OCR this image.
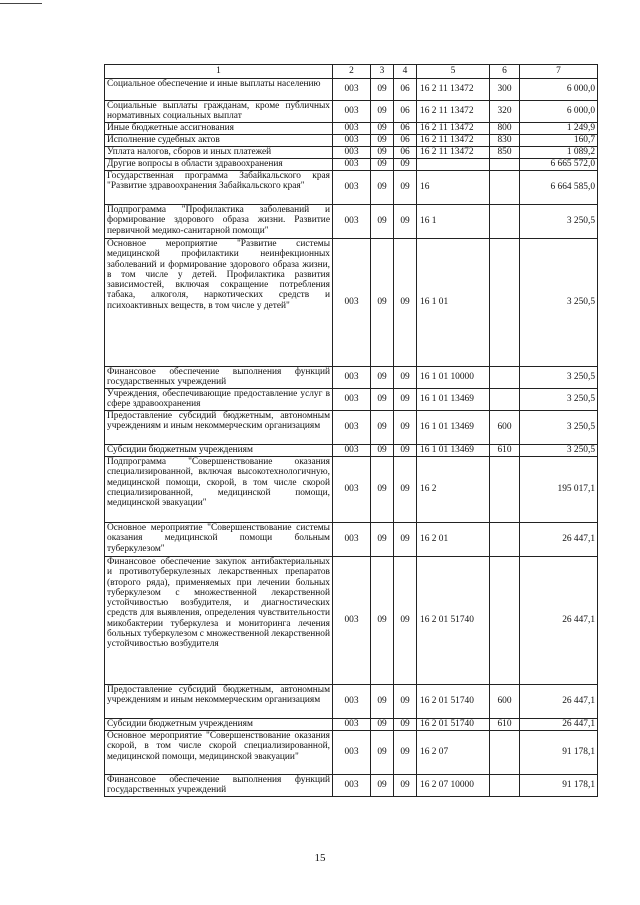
1	2	3	4	5	6	7
Социальное обеспечение и иные выплаты населению	003	09	06	16 2 11 13472	300	6 000,0
Социальные выплаты гражданам, кроме публичных нормативных социальных выплат	003	09	06	16 2 11 13472	320	6 000,0
Иные бюджетные ассигнования	003	09	06	16 2 11 13472	800	1 249,9
Исполнение судебных актов	003	09	06	16 2 11 13472	830	160,7
Уплата налогов, сборов и иных платежей	003	09	06	16 2 11 13472	850	1 089,2
Другие вопросы в области здравоохранения	003	09	09			6 665 572,0
Государственная программа Забайкальского края "Развитие здравоохранения Забайкальского края"	003	09	09	16		6 664 585,0
Подпрограмма "Профилактика заболеваний и формирование здорового образа жизни. Развитие первичной медико-санитарной помощи"	003	09	09	16 1		3 250,5
Основное мероприятие "Развитие системы медицинской профилактики неинфекционных заболеваний и формирование здорового образа жизни, в том числе у детей. Профилактика развития зависимостей, включая сокращение потребления табака, алкоголя, наркотических средств и психоактивных веществ, в том числе у детей"	003	09	09	16 1 01		3 250,5
Финансовое обеспечение выполнения функций государственных учреждений	003	09	09	16 1 01 10000		3 250,5
Учреждения, обеспечивающие предоставление услуг в сфере здравоохранения	003	09	09	16 1 01 13469		3 250,5
Предоставление субсидий бюджетным, автономным учреждениям и иным некоммерческим организациям	003	09	09	16 1 01 13469	600	3 250,5
Субсидии бюджетным учреждениям	003	09	09	16 1 01 13469	610	3 250,5
Подпрограмма "Совершенствование оказания специализированной, включая высокотехнологичную, медицинской помощи, скорой, в том числе скорой специализированной, медицинской помощи, медицинской эвакуации"	003	09	09	16 2		195 017,1
Основное мероприятие "Совершенствование системы оказания медицинской помощи больным туберкулезом"	003	09	09	16 2 01		26 447,1
Финансовое обеспечение закупок антибактериальных и противотуберкулезных лекарственных препаратов (второго ряда), применяемых при лечении больных туберкулезом с множественной лекарственной устойчивостью возбудителя, и диагностических средств для выявления, определения чувствительности микобактерии туберкулеза и мониторинга лечения больных туберкулезом с множественной лекарственной устойчивостью возбудителя	003	09	09	16 2 01 51740		26 447,1
Предоставление субсидий бюджетным, автономным учреждениям и иным некоммерческим организациям	003	09	09	16 2 01 51740	600	26 447,1
Субсидии бюджетным учреждениям	003	09	09	16 2 01 51740	610	26 447,1
Основное мероприятие "Совершенствование оказания скорой, в том числе скорой специализированной, медицинской помощи, медицинской эвакуации"	003	09	09	16 2 07		91 178,1
Финансовое обеспечение выполнения функций государственных учреждений	003	09	09	16 2 07 10000		91 178,1
15
